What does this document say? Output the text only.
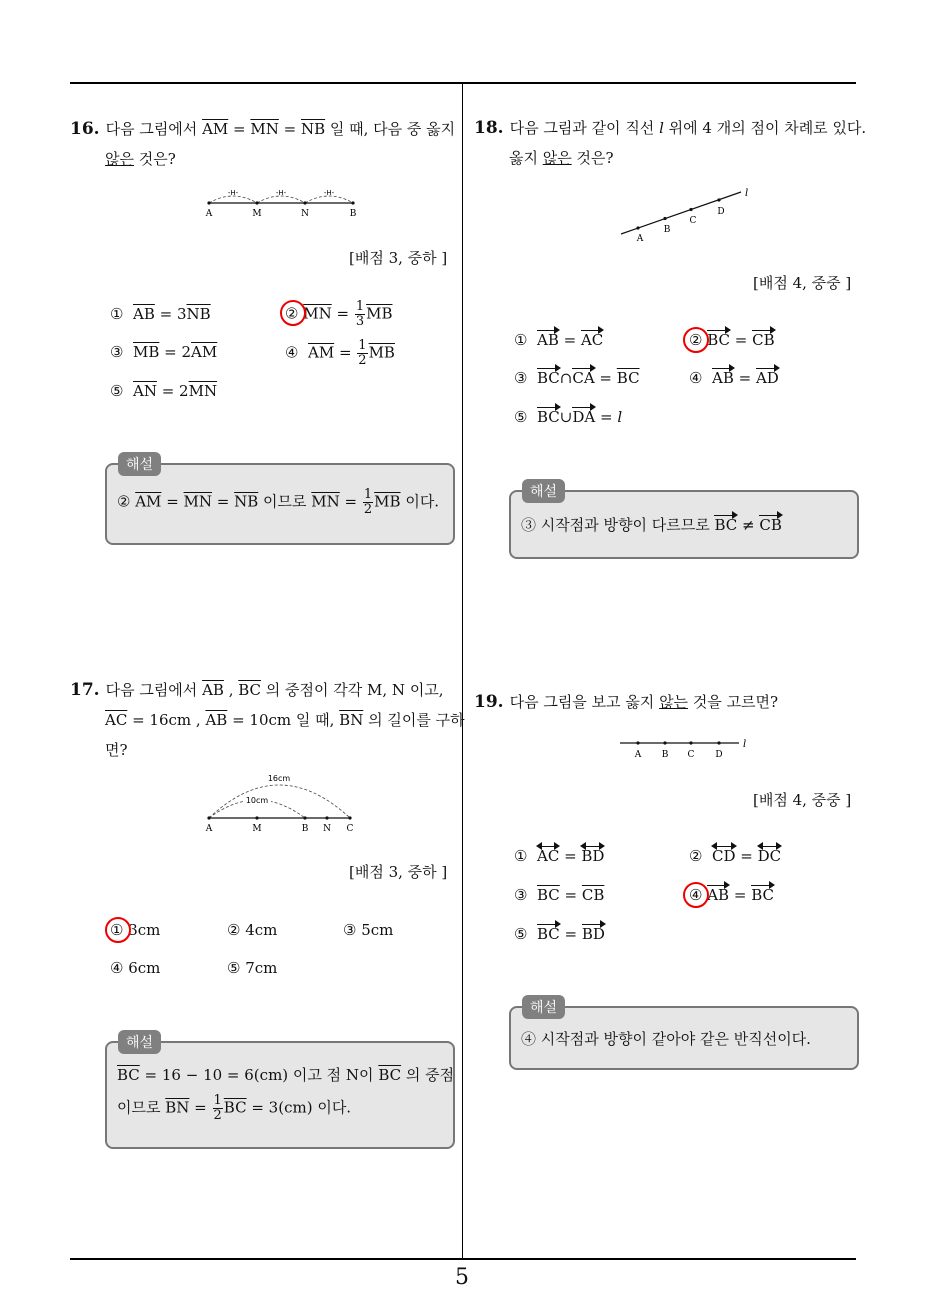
16. 다음 그림에서 $\overline{AM} = \overline{MN} = \overline{NB}$ 일 때, 다음 중 옳지
않은 것은?
-H-	-H-	-H-
A	M	N	B
[배점 3, 중하 ]
①  $\overline{AB} = 3\overline{NB}$	② $\overline{MN} = \frac{1}{3} \overline{MB}$
③  $\overline{MB} = 2\overline{AM}$	④  $\overline{AM} = \frac{1}{2} \overline{MB}$
⑤  $\overline{AN} = 2\overline{MN}$
해설
② $\overline{AM} = \overline{MN} = \overline{NB}$ 이므로 $\overline{MN} = \frac{1}{2} \overline{MB}$ 이다.
17. 다음 그림에서 $\overline{AB}$ , $\overline{BC}$ 의 중점이 각각 M, N 이고,
$\overline{AC} = 16cm$ , $\overline{AB} = 10cm$ 일 때, $\overline{BN}$ 의 길이를 구하
면?
16cm
10cm
A	M	B N C
[배점 3, 중하 ]
① 3cm	② 4cm	③ 5cm
④ 6cm	⑤ 7cm
해설
$\overline{BC} = 16 - 10 = 6(cm)$ 이고 점 N이 $\overline{BC}$ 의 중점
이므로 $\overline{BN} = \frac{1}{2} \overline{BC} = 3(cm)$ 이다.
18. 다음 그림과 같이 직선 l 위에 4 개의 점이 차례로 있다.
옳지 않은 것은?
A
B
C
D
l
[배점 4, 중중 ]
①  AB = AC	② BC = CB
③  BC∩CA = $\overline{BC}$	④  AB = AD
⑤  BC∪DA = l
해설
③ 시작점과 방향이 다르므로 BC ≠ CB
19. 다음 그림을 보고 옳지 않는 것을 고르면?
A B C D
l
[배점 4, 중중 ]
①
AC =
BD	②
CD =
DC
③  $\overline{BC} = \overline{CB}$	④ AB = BC
⑤  BC = BD
해설
④ 시작점과 방향이 같아야 같은 반직선이다.
5
